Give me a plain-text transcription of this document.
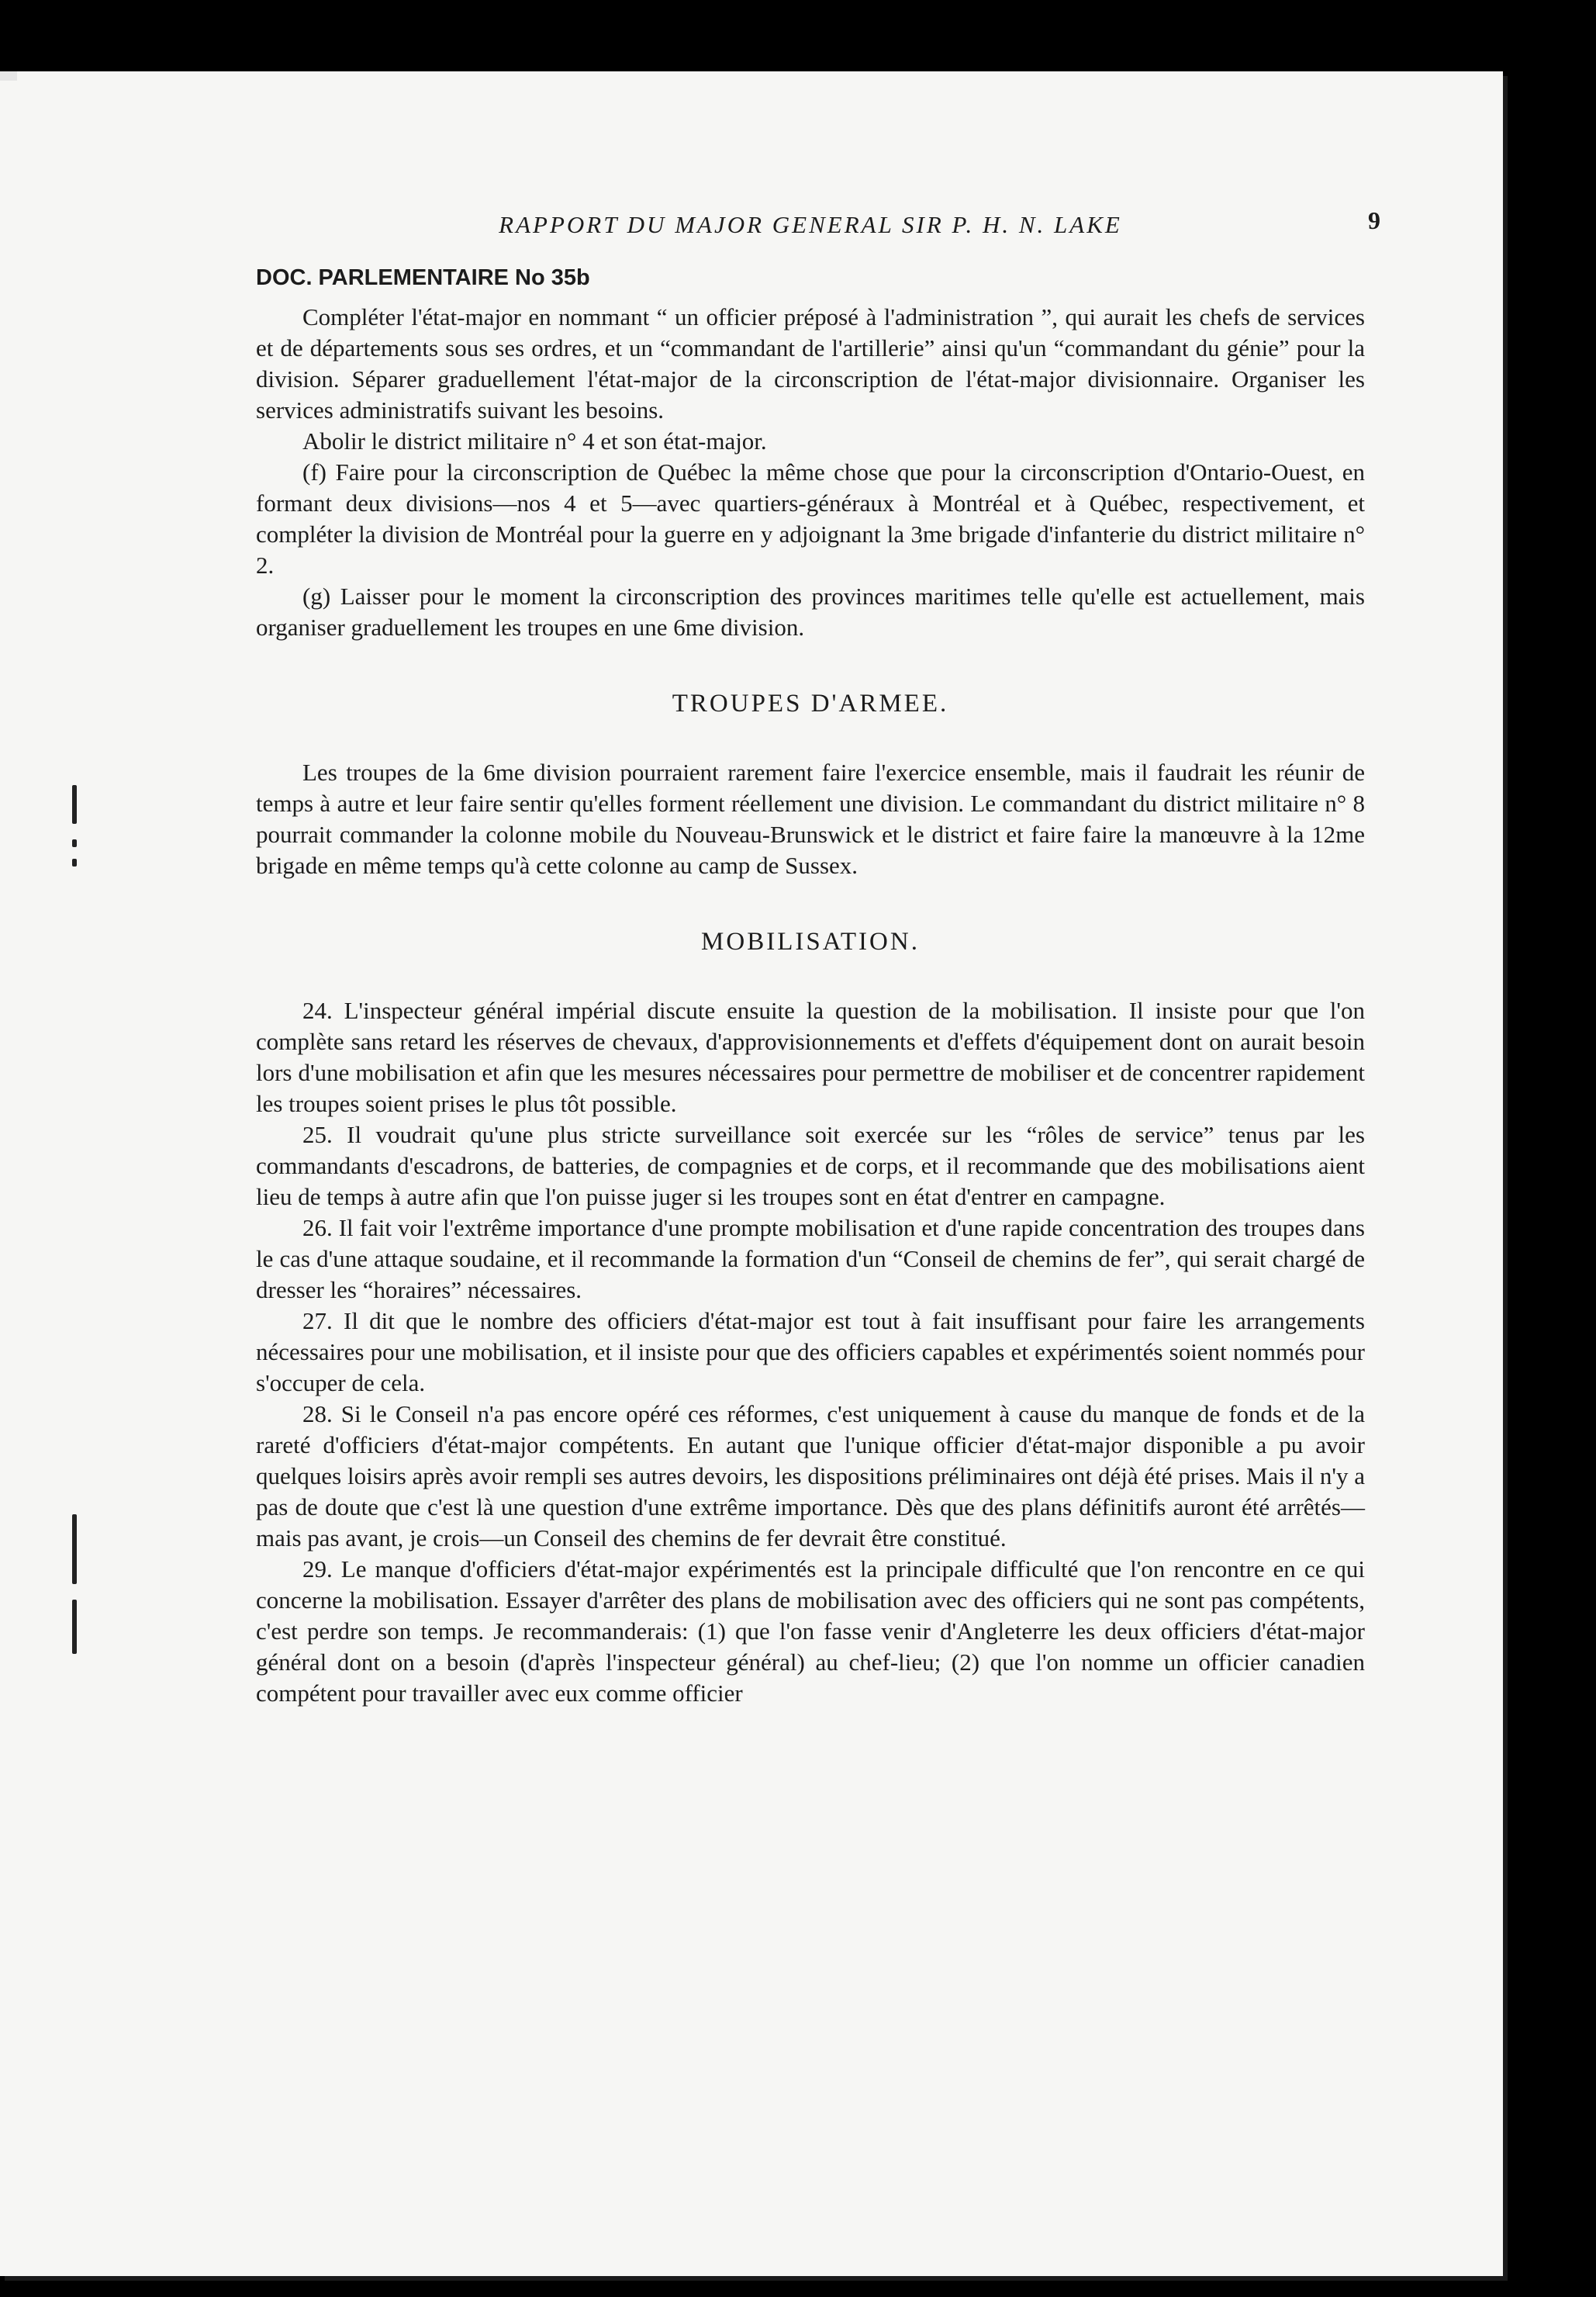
RAPPORT DU MAJOR GENERAL SIR P. H. N. LAKE	9
DOC. PARLEMENTAIRE No 35b

Compléter l'état-major en nommant “ un officier préposé à l'administration ”, qui aurait les chefs de services et de départements sous ses ordres, et un “commandant de l'artillerie” ainsi qu'un “commandant du génie” pour la division. Séparer graduellement l'état-major de la circonscription de l'état-major divisionnaire. Organiser les services administratifs suivant les besoins.

Abolir le district militaire n° 4 et son état-major.

(f) Faire pour la circonscription de Québec la même chose que pour la circonscription d'Ontario-Ouest, en formant deux divisions—nos 4 et 5—avec quartiers-généraux à Montréal et à Québec, respectivement, et compléter la division de Montréal pour la guerre en y adjoignant la 3me brigade d'infanterie du district militaire n° 2.

(g) Laisser pour le moment la circonscription des provinces maritimes telle qu'elle est actuellement, mais organiser graduellement les troupes en une 6me division.

TROUPES D'ARMEE.

Les troupes de la 6me division pourraient rarement faire l'exercice ensemble, mais il faudrait les réunir de temps à autre et leur faire sentir qu'elles forment réellement une division. Le commandant du district militaire n° 8 pourrait commander la colonne mobile du Nouveau-Brunswick et le district et faire faire la manœuvre à la 12me brigade en même temps qu'à cette colonne au camp de Sussex.

MOBILISATION.

24. L'inspecteur général impérial discute ensuite la question de la mobilisation. Il insiste pour que l'on complète sans retard les réserves de chevaux, d'approvisionnements et d'effets d'équipement dont on aurait besoin lors d'une mobilisation et afin que les mesures nécessaires pour permettre de mobiliser et de concentrer rapidement les troupes soient prises le plus tôt possible.

25. Il voudrait qu'une plus stricte surveillance soit exercée sur les “rôles de service” tenus par les commandants d'escadrons, de batteries, de compagnies et de corps, et il recommande que des mobilisations aient lieu de temps à autre afin que l'on puisse juger si les troupes sont en état d'entrer en campagne.

26. Il fait voir l'extrême importance d'une prompte mobilisation et d'une rapide concentration des troupes dans le cas d'une attaque soudaine, et il recommande la formation d'un “Conseil de chemins de fer”, qui serait chargé de dresser les “horaires” nécessaires.

27. Il dit que le nombre des officiers d'état-major est tout à fait insuffisant pour faire les arrangements nécessaires pour une mobilisation, et il insiste pour que des officiers capables et expérimentés soient nommés pour s'occuper de cela.

28. Si le Conseil n'a pas encore opéré ces réformes, c'est uniquement à cause du manque de fonds et de la rareté d'officiers d'état-major compétents. En autant que l'unique officier d'état-major disponible a pu avoir quelques loisirs après avoir rempli ses autres devoirs, les dispositions préliminaires ont déjà été prises. Mais il n'y a pas de doute que c'est là une question d'une extrême importance. Dès que des plans définitifs auront été arrêtés—mais pas avant, je crois—un Conseil des chemins de fer devrait être constitué.

29. Le manque d'officiers d'état-major expérimentés est la principale difficulté que l'on rencontre en ce qui concerne la mobilisation. Essayer d'arrêter des plans de mobilisation avec des officiers qui ne sont pas compétents, c'est perdre son temps. Je recommanderais: (1) que l'on fasse venir d'Angleterre les deux officiers d'état-major général dont on a besoin (d'après l'inspecteur général) au chef-lieu; (2) que l'on nomme un officier canadien compétent pour travailler avec eux comme officier
